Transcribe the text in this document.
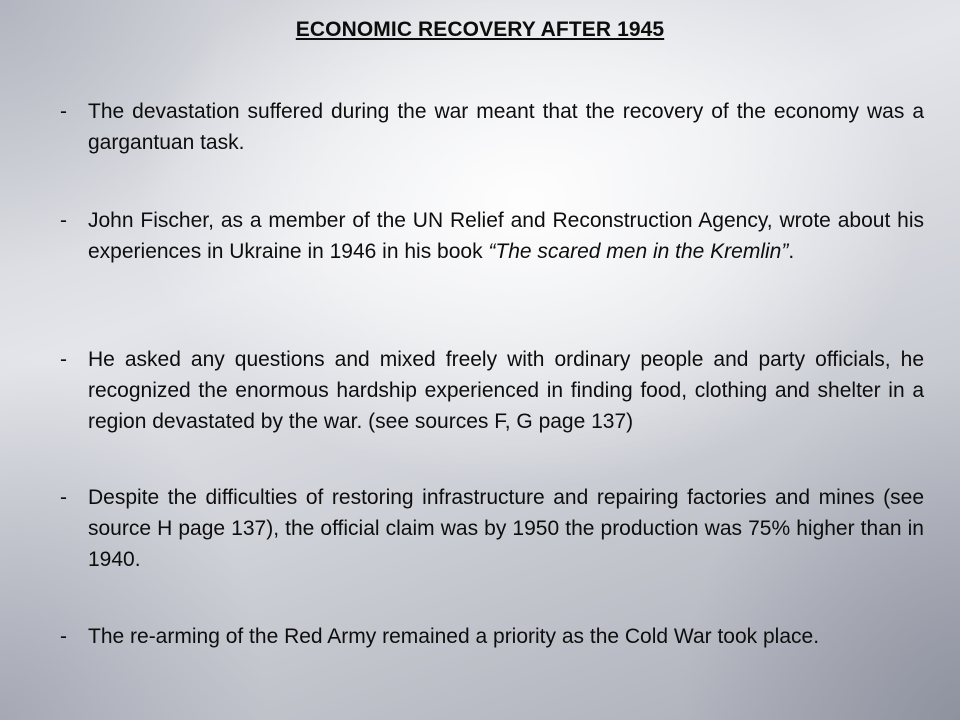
ECONOMIC RECOVERY AFTER 1945
-	The devastation suffered during the war meant that the recovery of the economy was a gargantuan task.
-	John Fischer, as a member of the UN Relief and Reconstruction Agency, wrote about his experiences in Ukraine in 1946 in his book “The scared men in the Kremlin”.
-	He asked any questions and mixed freely with ordinary people and party officials, he recognized the enormous hardship experienced in finding food, clothing and shelter in a region devastated by the war. (see sources F, G page 137)
-	Despite the difficulties of restoring infrastructure and repairing factories and mines (see source H page 137), the official claim was by 1950 the production was 75% higher than in 1940.
-	The re-arming of the Red Army remained a priority as the Cold War took place.
